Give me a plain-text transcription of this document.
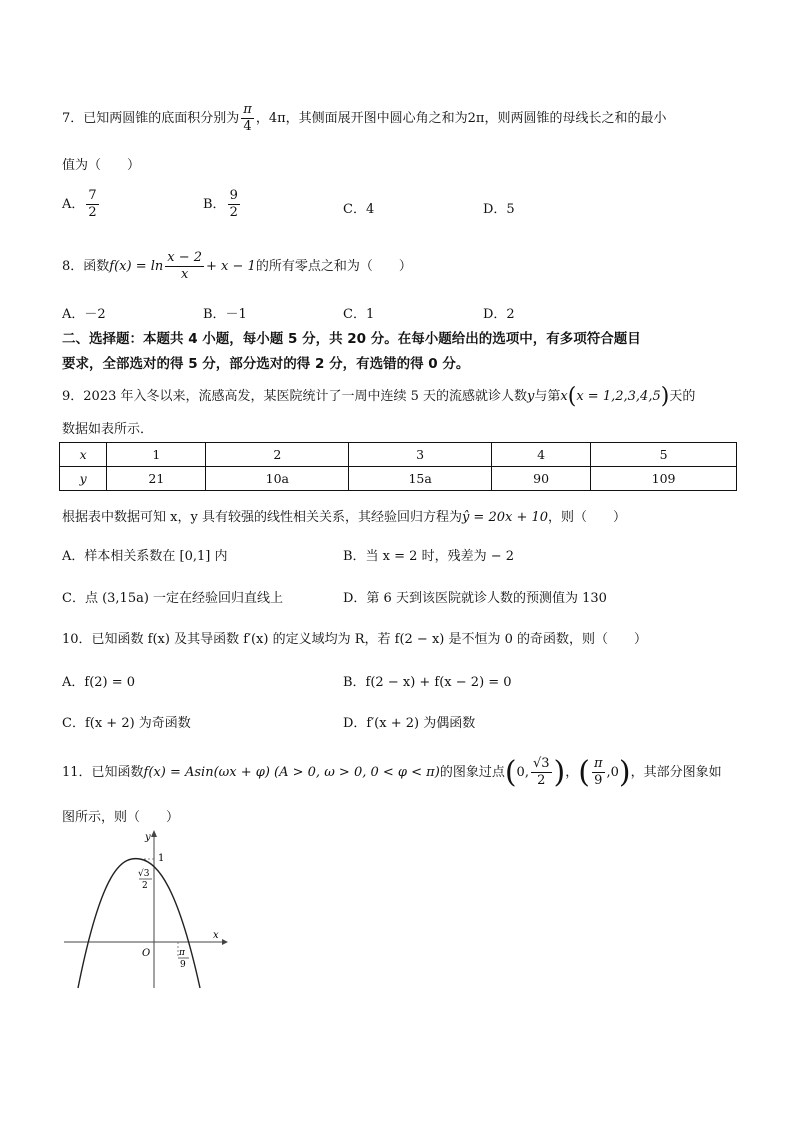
7．已知两圆锥的底面积分别为 $\frac{\pi}{4}$ ，4π，其侧面展开图中圆心角之和为2π，则两圆锥的母线长之和的最小
值为（　　）
A． $\frac{7}{2}$	B． $\frac{9}{2}$	C．4	D．5
8．函数$f(x) = \ln \frac{x - 2}{x} + x - 1$的所有零点之和为（　　）
A．－2	B．－1	C．1	D．2
二、选择题：本题共 4 小题，每小题 5 分，共 20 分。在每小题给出的选项中，有多项符合题目
要求，全部选对的得 5 分，部分选对的得 2 分，有选错的得 0 分。
9．2023 年入冬以来，流感高发，某医院统计了一周中连续 5 天的流感就诊人数y与第x(x = 1,2,3,4,5)天的
数据如表所示．
x	1	2	3	4	5
y	21	10a	15a	90	109
根据表中数据可知 x，y 具有较强的线性相关关系，其经验回归方程为ŷ = 20x + 10，则（　　）
A．样本相关系数在 [0,1] 内	B．当 x = 2 时，残差为 − 2
C．点 (3,15a) 一定在经验回归直线上	D．第 6 天到该医院就诊人数的预测值为 130
10．已知函数 f(x) 及其导函数 f′(x) 的定义域均为 R，若 f(2 − x) 是不恒为 0 的奇函数，则（　　）
A．f(2) = 0	B．f(2 − x) + f(x − 2) = 0
C．f(x + 2) 为奇函数	D．f′(x + 2) 为偶函数
11．已知函数f(x) = Asin(ωx + φ) (A > 0, ω > 0, 0 < φ < π)的图象过点(0, $\frac{√3}{2}$ )，( $\frac{\pi}{9} ,0$)，其部分图象如
图所示，则（　　）
y
x
O
1
√3
2
π
9
